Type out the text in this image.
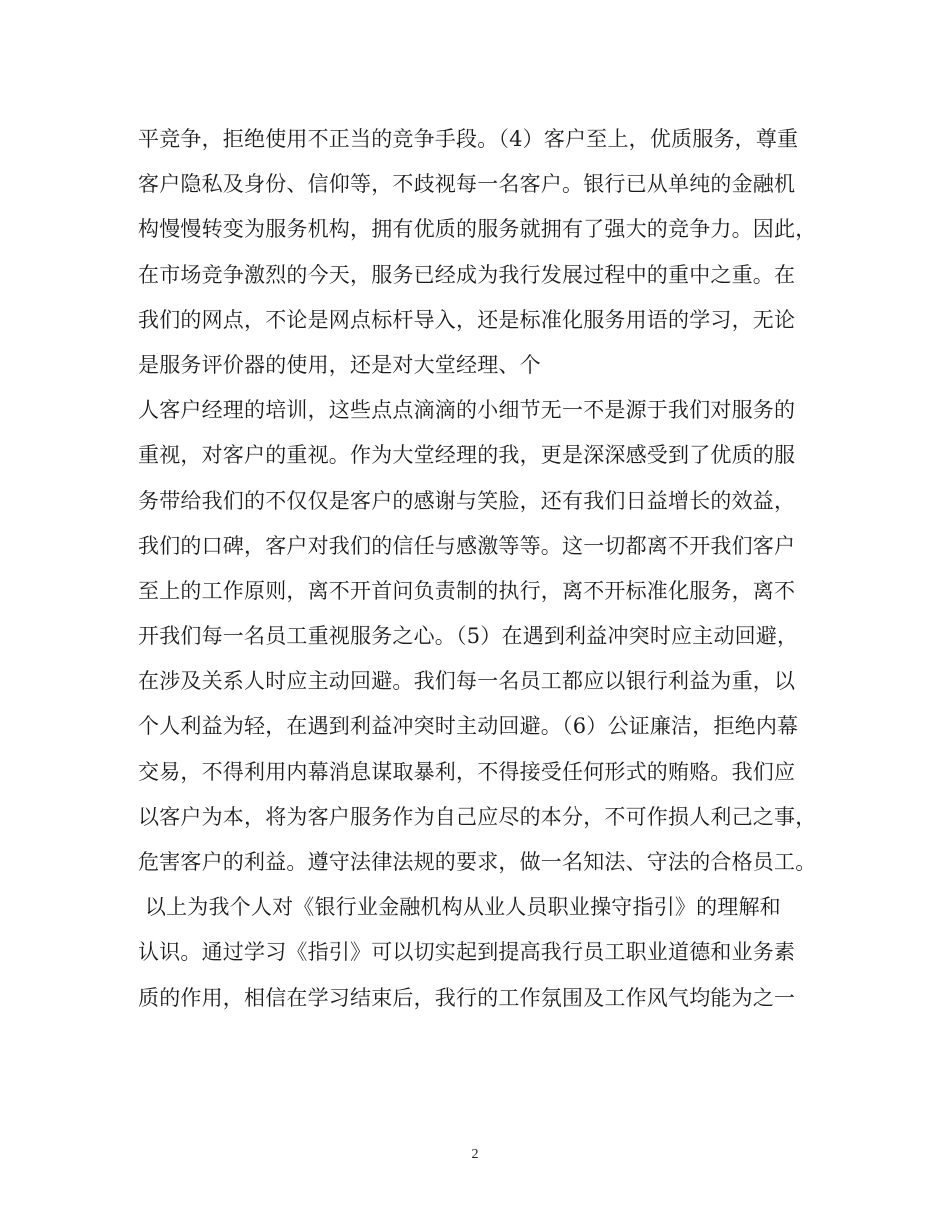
平竞争，拒绝使用不正当的竞争手段。（4）客户至上，优质服务，尊重
客户隐私及身份、信仰等，不歧视每一名客户。银行已从单纯的金融机
构慢慢转变为服务机构，拥有优质的服务就拥有了强大的竞争力。因此，
在市场竞争激烈的今天，服务已经成为我行发展过程中的重中之重。在
我们的网点，不论是网点标杆导入，还是标准化服务用语的学习，无论
是服务评价器的使用，还是对大堂经理、个
人客户经理的培训，这些点点滴滴的小细节无一不是源于我们对服务的
重视，对客户的重视。作为大堂经理的我，更是深深感受到了优质的服
务带给我们的不仅仅是客户的感谢与笑脸，还有我们日益增长的效益，
我们的口碑，客户对我们的信任与感激等等。这一切都离不开我们客户
至上的工作原则，离不开首问负责制的执行，离不开标准化服务，离不
开我们每一名员工重视服务之心。（5）在遇到利益冲突时应主动回避，
在涉及关系人时应主动回避。我们每一名员工都应以银行利益为重，以
个人利益为轻，在遇到利益冲突时主动回避。（6）公证廉洁，拒绝内幕
交易，不得利用内幕消息谋取暴利，不得接受任何形式的贿赂。我们应
以客户为本，将为客户服务作为自己应尽的本分，不可作损人利己之事，
危害客户的利益。遵守法律法规的要求，做一名知法、守法的合格员工。
以上为我个人对《银行业金融机构从业人员职业操守指引》的理解和
认识。通过学习《指引》可以切实起到提高我行员工职业道德和业务素
质的作用，相信在学习结束后，我行的工作氛围及工作风气均能为之一
2
